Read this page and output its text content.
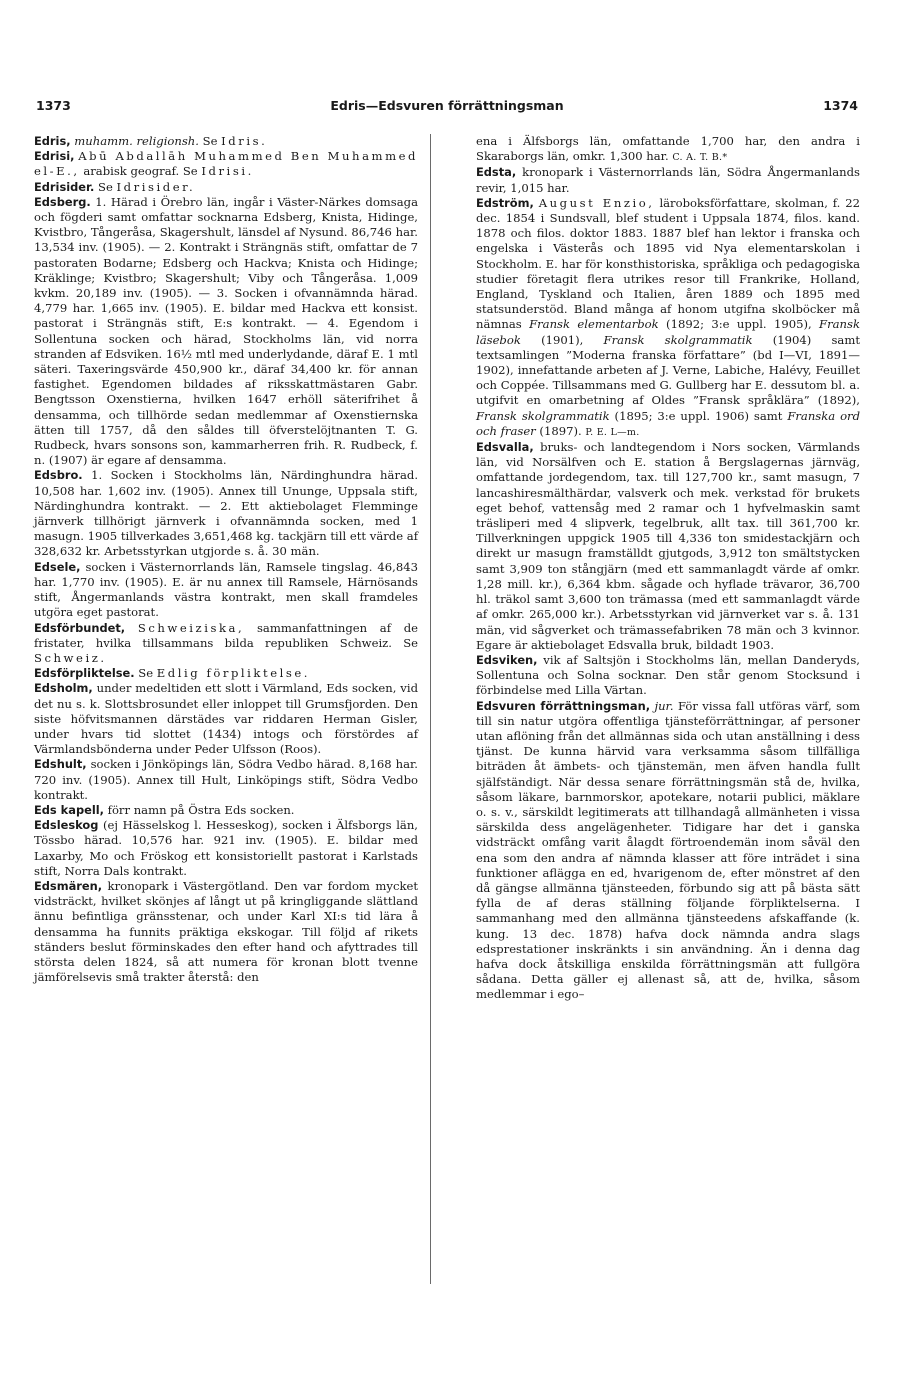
1373	Edris—Edsvuren förrättningsman	1374

Edris, muhamm. religionsh. Se Idris.

Edrisi, Abū Abdallāh Muhammed Ben Muhammed el-E., arabisk geograf. Se Idrisi.

Edrisider. Se Idrisider.

Edsberg. 1. Härad i Örebro län, ingår i Väster-Närkes domsaga och fögderi samt omfattar socknarna Edsberg, Knista, Hidinge, Kvistbro, Tångeråsa, Skagershult, länsdel af Nysund. 86,746 har. 13,534 inv. (1905). — 2. Kontrakt i Strängnäs stift, omfattar de 7 pastoraten Bodarne; Edsberg och Hackva; Knista och Hidinge; Kräklinge; Kvistbro; Skagershult; Viby och Tångeråsa. 1,009 kvkm. 20,189 inv. (1905). — 3. Socken i ofvannämnda härad. 4,779 har. 1,665 inv. (1905). E. bildar med Hackva ett konsist. pastorat i Strängnäs stift, E:s kontrakt. — 4. Egendom i Sollentuna socken och härad, Stockholms län, vid norra stranden af Edsviken. 16½ mtl med underlydande, däraf E. 1 mtl säteri. Taxeringsvärde 450,900 kr., däraf 34,400 kr. för annan fastighet. Egendomen bildades af riksskattmästaren Gabr. Bengtsson Oxenstierna, hvilken 1647 erhöll säterifrihet å densamma, och tillhörde sedan medlemmar af Oxenstiernska ätten till 1757, då den såldes till öfverstelöjtnanten T. G. Rudbeck, hvars sonsons son, kammarherren frih. R. Rudbeck, f. n. (1907) är egare af densamma.

Edsbro. 1. Socken i Stockholms län, Närdinghundra härad. 10,508 har. 1,602 inv. (1905). Annex till Ununge, Uppsala stift, Närdinghundra kontrakt. — 2. Ett aktiebolaget Flemminge järnverk tillhörigt järnverk i ofvannämnda socken, med 1 masugn. 1905 tillverkades 3,651,468 kg. tackjärn till ett värde af 328,632 kr. Arbetsstyrkan utgjorde s. å. 30 män.

Edsele, socken i Västernorrlands län, Ramsele tingslag. 46,843 har. 1,770 inv. (1905). E. är nu annex till Ramsele, Härnösands stift, Ångermanlands västra kontrakt, men skall framdeles utgöra eget pastorat.

Edsförbundet, Schweiziska, sammanfattningen af de fristater, hvilka tillsammans bilda republiken Schweiz. Se Schweiz.

Edsförpliktelse. Se Edlig förpliktelse.

Edsholm, under medeltiden ett slott i Värmland, Eds socken, vid det nu s. k. Slottsbrosundet eller inloppet till Grumsfjorden. Den siste höfvitsmannen därstädes var riddaren Herman Gisler, under hvars tid slottet (1434) intogs och förstördes af Värmlandsbönderna under Peder Ulfsson (Roos).

Edshult, socken i Jönköpings län, Södra Vedbo härad. 8,168 har. 720 inv. (1905). Annex till Hult, Linköpings stift, Södra Vedbo kontrakt.

Eds kapell, förr namn på Östra Eds socken.

Edsleskog (ej Hässelskog l. Hesseskog), socken i Älfsborgs län, Tössbo härad. 10,576 har. 921 inv. (1905). E. bildar med Laxarby, Mo och Fröskog ett konsistoriellt pastorat i Karlstads stift, Norra Dals kontrakt.

Edsmären, kronopark i Västergötland. Den var fordom mycket vidsträckt, hvilket skönjes af långt ut på kringliggande slättland ännu befintliga gränsstenar, och under Karl XI:s tid lära å densamma ha funnits präktiga ekskogar. Till följd af rikets ständers beslut förminskades den efter hand och afyttrades till största delen 1824, så att numera för kronan blott tvenne jämförelsevis små trakter återstå: den

ena i Älfsborgs län, omfattande 1,700 har, den andra i Skaraborgs län, omkr. 1,300 har. C. A. T. B.*

Edsta, kronopark i Västernorrlands län, Södra Ångermanlands revir, 1,015 har.

Edström, August Enzio, läroboksförfattare, skolman, f. 22 dec. 1854 i Sundsvall, blef student i Uppsala 1874, filos. kand. 1878 och filos. doktor 1883. 1887 blef han lektor i franska och engelska i Västerås och 1895 vid Nya elementarskolan i Stockholm. E. har för konsthistoriska, språkliga och pedagogiska studier företagit flera utrikes resor till Frankrike, Holland, England, Tyskland och Italien, åren 1889 och 1895 med statsunderstöd. Bland många af honom utgifna skolböcker må nämnas Fransk elementarbok (1892; 3:e uppl. 1905), Fransk läsebok (1901), Fransk skolgrammatik (1904) samt textsamlingen ”Moderna franska författare” (bd I—VI, 1891—1902), innefattande arbeten af J. Verne, Labiche, Halévy, Feuillet och Coppée. Tillsammans med G. Gullberg har E. dessutom bl. a. utgifvit en omarbetning af Oldes ”Fransk språklära” (1892), Fransk skolgrammatik (1895; 3:e uppl. 1906) samt Franska ord och fraser (1897). P. E. L—m.

Edsvalla, bruks- och landtegendom i Nors socken, Värmlands län, vid Norsälfven och E. station å Bergslagernas järnväg, omfattande jordegendom, tax. till 127,700 kr., samt masugn, 7 lancashiresmälthärdar, valsverk och mek. verkstad för brukets eget behof, vattensåg med 2 ramar och 1 hyfvelmaskin samt träsliperi med 4 slipverk, tegelbruk, allt tax. till 361,700 kr. Tillverkningen uppgick 1905 till 4,336 ton smidestackjärn och direkt ur masugn framställdt gjutgods, 3,912 ton smältstycken samt 3,909 ton stångjärn (med ett sammanlagdt värde af omkr. 1,28 mill. kr.), 6,364 kbm. sågade och hyflade trävaror, 36,700 hl. träkol samt 3,600 ton trämassa (med ett sammanlagdt värde af omkr. 265,000 kr.). Arbetsstyrkan vid järnverket var s. å. 131 män, vid sågverket och trämassefabriken 78 män och 3 kvinnor. Egare är aktiebolaget Edsvalla bruk, bildadt 1903.

Edsviken, vik af Saltsjön i Stockholms län, mellan Danderyds, Sollentuna och Solna socknar. Den står genom Stocksund i förbindelse med Lilla Värtan.

Edsvuren förrättningsman, jur. För vissa fall utföras värf, som till sin natur utgöra offentliga tjänsteförrättningar, af personer utan aflöning från det allmännas sida och utan anställning i dess tjänst. De kunna härvid vara verksamma såsom tillfälliga biträden åt ämbets- och tjänstemän, men äfven handla fullt själfständigt. När dessa senare förrättningsmän stå de, hvilka, såsom läkare, barnmorskor, apotekare, notarii publici, mäklare o. s. v., särskildt legitimerats att tillhandagå allmänheten i vissa särskilda dess angelägenheter. Tidigare har det i ganska vidsträckt omfång varit ålagdt förtroendemän inom såväl den ena som den andra af nämnda klasser att före inträdet i sina funktioner aflägga en ed, hvarigenom de, efter mönstret af den då gängse allmänna tjänsteeden, förbundo sig att på bästa sätt fylla de af deras ställning följande förpliktelserna. I sammanhang med den allmänna tjänsteedens afskaffande (k. kung. 13 dec. 1878) hafva dock nämnda andra slags edsprestationer inskränkts i sin användning. Än i denna dag hafva dock åtskilliga enskilda förrättningsmän att fullgöra sådana. Detta gäller ej allenast så, att de, hvilka, såsom medlemmar i ego–
